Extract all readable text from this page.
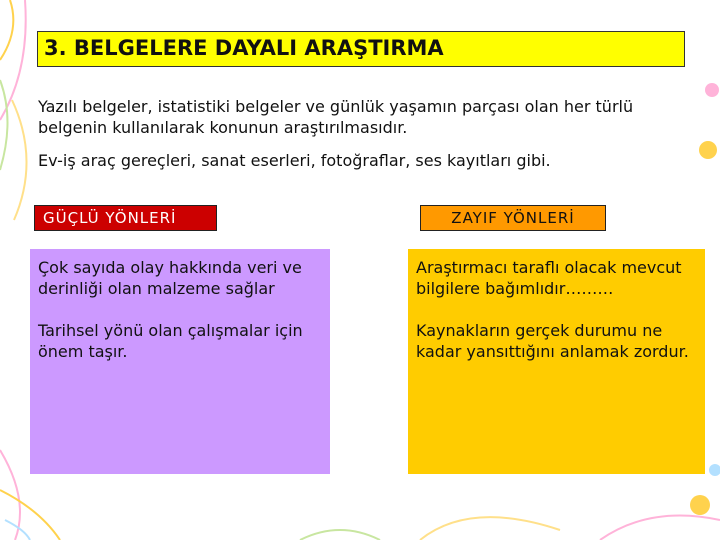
3. BELGELERE DAYALI ARAŞTIRMA
Yazılı belgeler, istatistiki belgeler ve günlük yaşamın parçası olan her türlü belgenin kullanılarak konunun araştırılmasıdır.
Ev-iş araç gereçleri, sanat eserleri, fotoğraflar, ses kayıtları gibi.
GÜÇLÜ YÖNLERİ	ZAYIF YÖNLERİ
Çok sayıda olay hakkında veri ve derinliği olan malzeme sağlar
Tarihsel yönü olan çalışmalar için önem taşır.
Araştırmacı taraflı olacak mevcut bilgilere bağımlıdır………
Kaynakların gerçek durumu ne kadar yansıttığını anlamak zordur.
